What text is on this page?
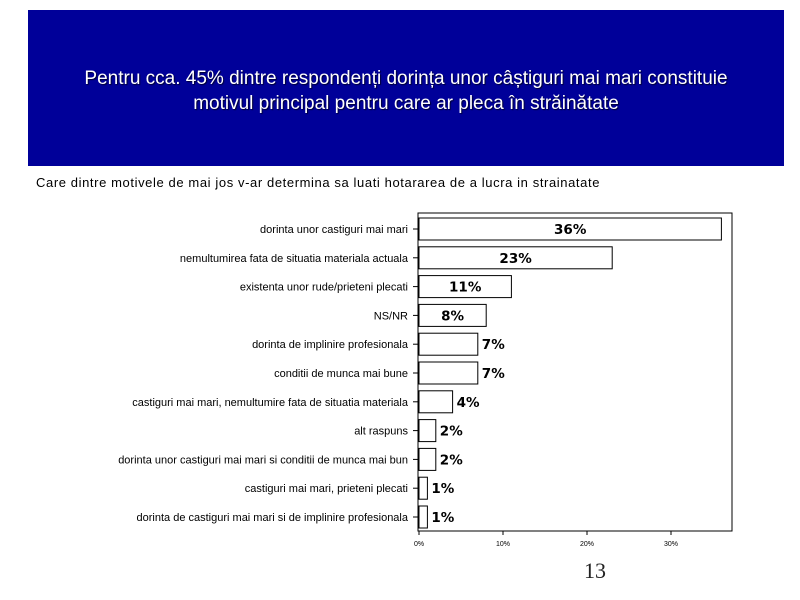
Pentru cca. 45% dintre respondenți dorința unor câștiguri mai mari constituie motivul principal pentru care ar pleca în străinătate
Care dintre motivele de mai jos v-ar determina sa luati hotararea de a lucra in strainatate
dorinta unor castiguri mai mari	36%
nemultumirea fata de situatia materiala actuala	23%
existenta unor rude/prieteni plecati	11%
NS/NR 8%
dorinta de implinire profesionala	7%
conditii de munca mai bune	7%
castiguri mai mari, nemultumire fata de situatia materiala	4%
alt raspuns 2%
dorinta unor castiguri mai mari si conditii de munca mai bun 2%
castiguri mai mari, prieteni plecati 1%
dorinta de castiguri mai mari si de implinire profesionala 1%
0%	10%	20%	30%
13
